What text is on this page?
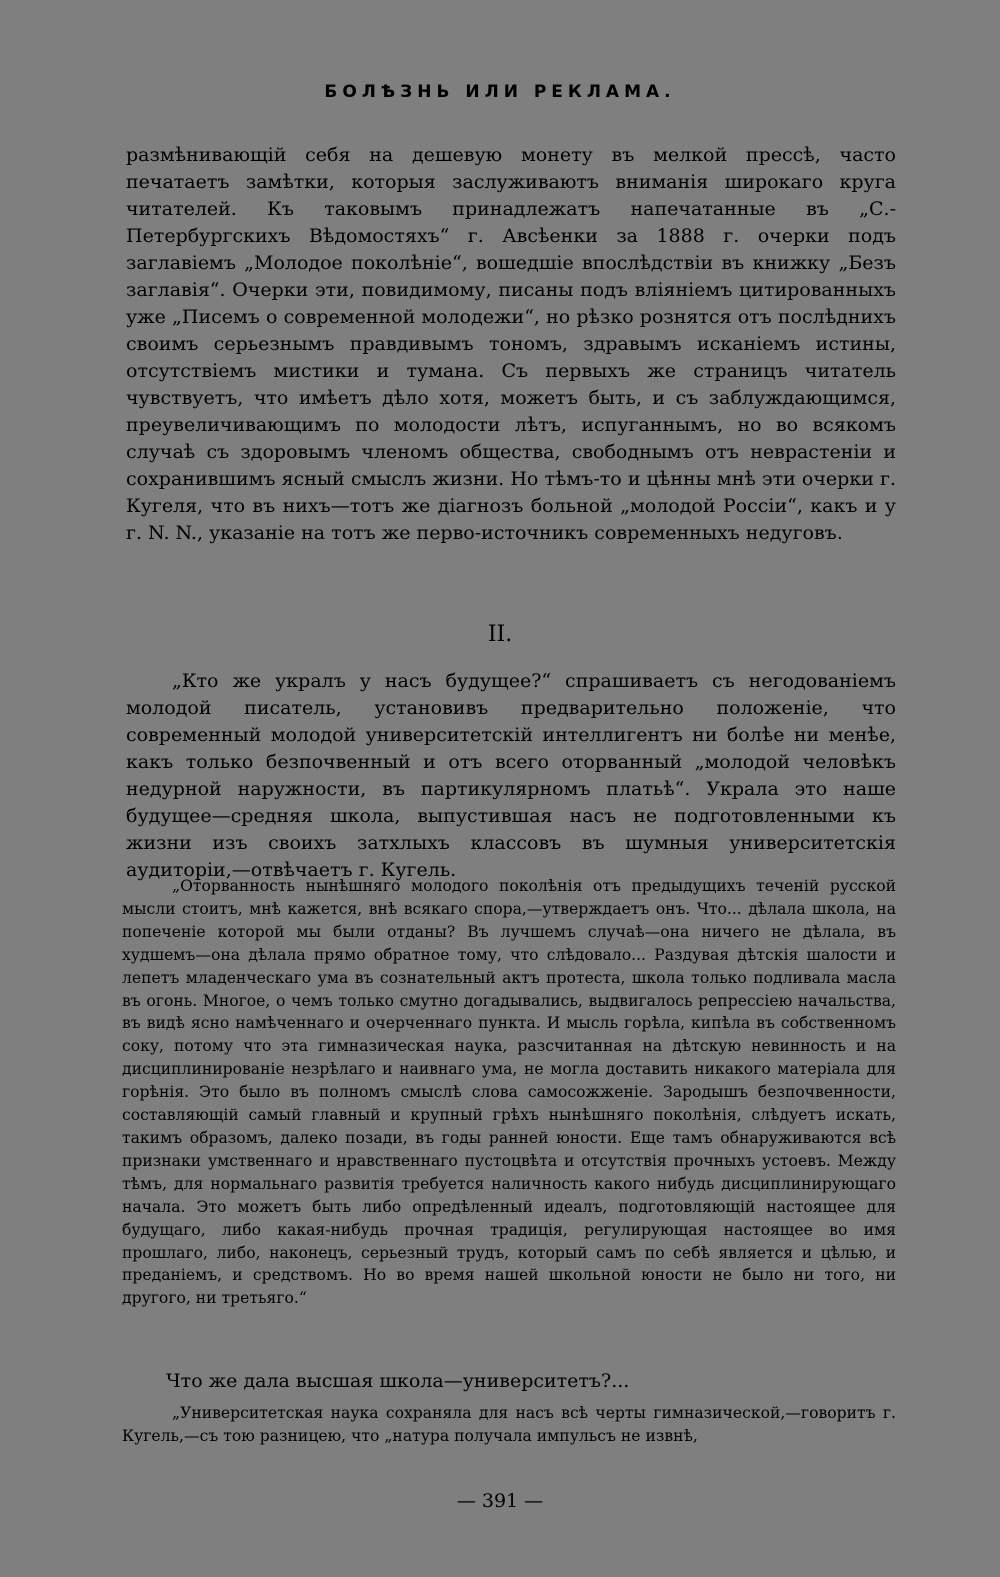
БОЛѢЗНЬ ИЛИ РЕКЛАМА.
размѣнивающій себя на дешевую монету въ мелкой прессѣ, часто печатаетъ замѣтки, которыя заслуживаютъ вниманія широкаго круга читателей. Къ таковымъ принадлежатъ напечатанные въ „С.-Петербургскихъ Вѣдомостяхъ“ г. Авсѣенки за 1888 г. очерки подъ заглавіемъ „Молодое поколѣніе“, вошедшіе впослѣдствіи въ книжку „Безъ заглавія“. Очерки эти, повидимому, писаны подъ вліяніемъ цитированныхъ уже „Писемъ о современной молодежи“, но рѣзко рознятся отъ послѣднихъ своимъ серьезнымъ правдивымъ тономъ, здравымъ исканіемъ истины, отсутствіемъ мистики и тумана. Съ первыхъ же страницъ читатель чувствуетъ, что имѣетъ дѣло хотя, можетъ быть, и съ заблуждающимся, преувеличивающимъ по молодости лѣтъ, испуганнымъ, но во всякомъ случаѣ съ здоровымъ членомъ общества, свободнымъ отъ неврастеніи и сохранившимъ ясный смыслъ жизни. Но тѣмъ-то и цѣнны мнѣ эти очерки г. Кугеля, что въ нихъ—тотъ же діагнозъ больной „молодой Россіи“, какъ и у г. N. N., указаніе на тотъ же перво-источникъ современныхъ недуговъ.
II.
„Кто же укралъ у насъ будущее?“ спрашиваетъ съ негодованіемъ молодой писатель, установивъ предварительно положеніе, что современный молодой университетскій интеллигентъ ни болѣе ни менѣе, какъ только безпочвенный и отъ всего оторванный „молодой человѣкъ недурной наружности, въ партикулярномъ платьѣ“. Украла это наше будущее—средняя школа, выпустившая насъ не подготовленными къ жизни изъ своихъ затхлыхъ классовъ въ шумныя университетскія аудиторіи,—отвѣчаетъ г. Кугель.
„Оторванность нынѣшняго молодого поколѣнія отъ предыдущихъ теченій русской мысли стоитъ, мнѣ кажется, внѣ всякаго спора,—утверждаетъ онъ. Что... дѣлала школа, на попеченіе которой мы были отданы? Въ лучшемъ случаѣ—она ничего не дѣлала, въ худшемъ—она дѣлала прямо обратное тому, что слѣдовало... Раздувая дѣтскія шалости и лепетъ младенческаго ума въ сознательный актъ протеста, школа только подливала масла въ огонь. Многое, о чемъ только смутно догадывались, выдвигалось репрессіею начальства, въ видѣ ясно намѣченнаго и очерченнаго пункта. И мысль горѣла, кипѣла въ собственномъ соку, потому что эта гимназическая наука, разсчитанная на дѣтскую невинность и на дисциплинированіе незрѣлаго и наивнаго ума, не могла доставить никакого матеріала для горѣнія. Это было въ полномъ смыслѣ слова самосожженіе. Зародышъ безпочвенности, составляющій самый главный и крупный грѣхъ нынѣшняго поколѣнія, слѣдуетъ искать, такимъ образомъ, далеко позади, въ годы ранней юности. Еще тамъ обнаруживаются всѣ признаки умственнаго и нравственнаго пустоцвѣта и отсутствія прочныхъ устоевъ. Между тѣмъ, для нормальнаго развитія требуется наличность какого нибудь дисциплинирующаго начала. Это можетъ быть либо опредѣленный идеалъ, подготовляющій настоящее для будущаго, либо какая-нибудь прочная традиція, регулирующая настоящее во имя прошлаго, либо, наконецъ, серьезный трудъ, который самъ по себѣ является и цѣлью, и преданіемъ, и средствомъ. Но во время нашей школьной юности не было ни того, ни другого, ни третьяго.“
Что же дала высшая школа—университетъ?...
„Университетская наука сохраняла для насъ всѣ черты гимназической,—говоритъ г. Кугель,—съ тою разницею, что „натура получала импульсъ не извнѣ,
— 391 —
